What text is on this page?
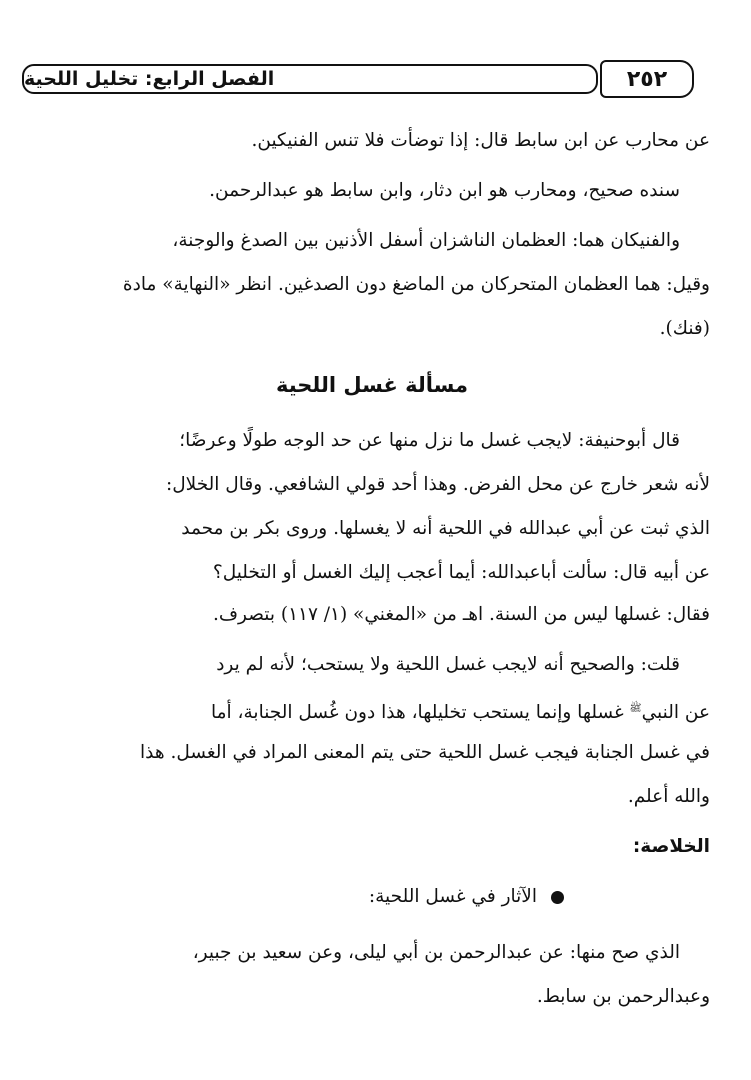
الفصل الرابع: تخليل اللحية	٢٥٢
عن محارب عن ابن سابط قال: إذا توضأت فلا تنس الفنيكين.
سنده صحيح، ومحارب هو ابن دثار، وابن سابط هو عبدالرحمن.
والفنيكان هما: العظمان الناشزان أسفل الأذنين بين الصدغ والوجنة،
وقيل: هما العظمان المتحركان من الماضغ دون الصدغين. انظر «النهاية» مادة
(فنك).
مسألة غسل اللحية
قال أبوحنيفة: لايجب غسل ما نزل منها عن حد الوجه طولًا وعرضًا؛
لأنه شعر خارج عن محل الفرض. وهذا أحد قولي الشافعي. وقال الخلال:
الذي ثبت عن أبي عبدالله في اللحية أنه لا يغسلها. وروى بكر بن محمد
عن أبيه قال: سألت أباعبدالله: أيما أعجب إليك الغسل أو التخليل؟
فقال: غسلها ليس من السنة. اهـ من «المغني» (١/ ١١٧) بتصرف.
قلت: والصحيح أنه لايجب غسل اللحية ولا يستحب؛ لأنه لم يرد
عن النبي$^ﷺ$ غسلها وإنما يستحب تخليلها، هذا دون غُسل الجنابة، أما
في غسل الجنابة فيجب غسل اللحية حتى يتم المعنى المراد في الغسل. هذا
والله أعلم.
الخلاصة:
الآثار في غسل اللحية:
الذي صح منها: عن عبدالرحمن بن أبي ليلى، وعن سعيد بن جبير،
وعبدالرحمن بن سابط.
